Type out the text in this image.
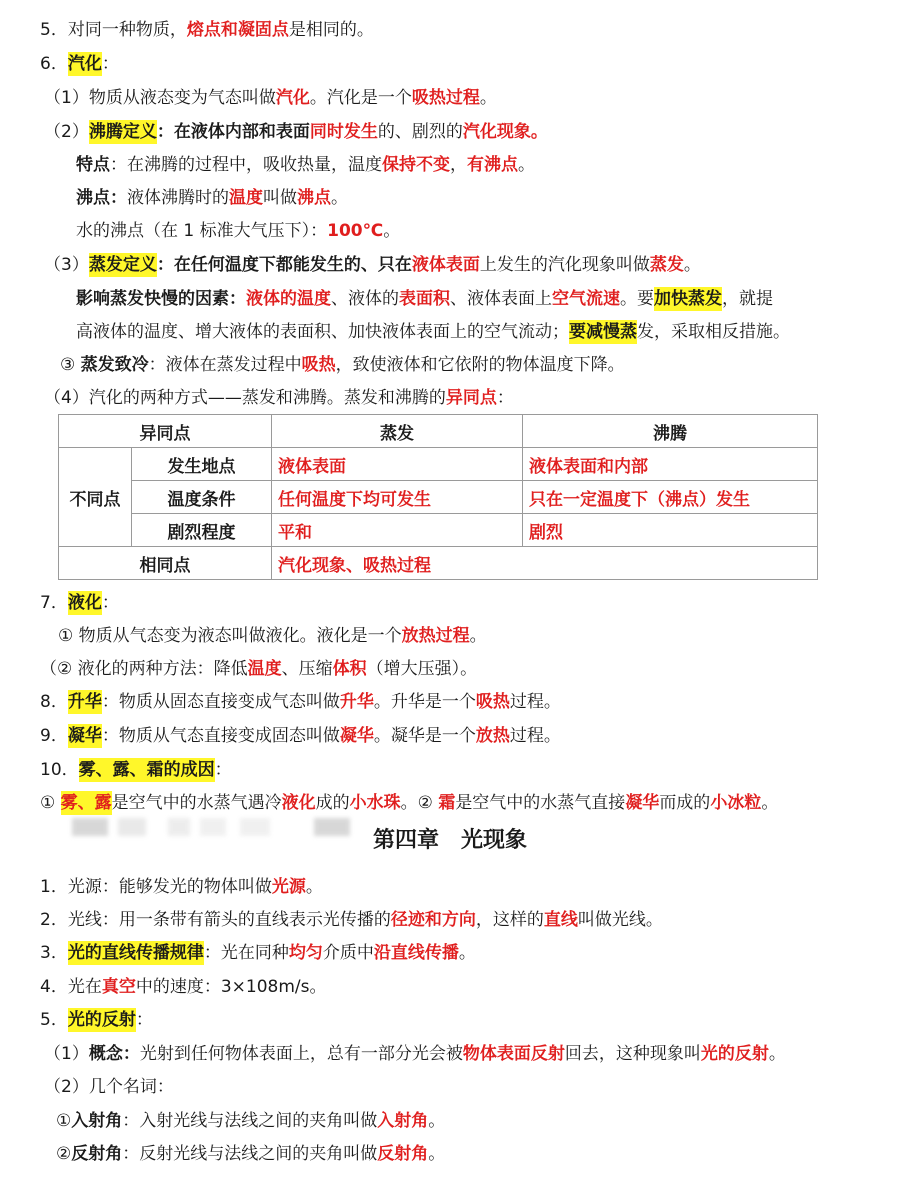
5．对同一种物质，熔点和凝固点是相同的。
6．汽化：
（1）物质从液态变为气态叫做汽化。汽化是一个吸热过程。
（2）沸腾定义：在液体内部和表面同时发生的、剧烈的汽化现象。
特点：在沸腾的过程中，吸收热量，温度保持不变，有沸点。
沸点：液体沸腾时的温度叫做沸点。
水的沸点（在 1 标准大气压下）：100℃。
（3）蒸发定义：在任何温度下都能发生的、只在液体表面上发生的汽化现象叫做蒸发。
影响蒸发快慢的因素：液体的温度、液体的表面积、液体表面上空气流速。要加快蒸发，就提
高液体的温度、增大液体的表面积、加快液体表面上的空气流动；要减慢蒸发，采取相反措施。
③ 蒸发致冷：液体在蒸发过程中吸热，致使液体和它依附的物体温度下降。
（4）汽化的两种方式——蒸发和沸腾。蒸发和沸腾的异同点：
异同点		蒸发	沸腾
不同点	发生地点	液体表面	液体表面和内部
	温度条件	任何温度下均可发生	只在一定温度下（沸点）发生
	剧烈程度	平和	剧烈
相同点		汽化现象、吸热过程	
7．液化：
① 物质从气态变为液态叫做液化。液化是一个放热过程。
（② 液化的两种方法：降低温度、压缩体积（增大压强）。
8．升华：物质从固态直接变成气态叫做升华。升华是一个吸热过程。
9．凝华：物质从气态直接变成固态叫做凝华。凝华是一个放热过程。
10．雾、露、霜的成因：
① 雾、露是空气中的水蒸气遇冷液化成的小水珠。② 霜是空气中的水蒸气直接凝华而成的小冰粒。
第四章　光现象
1．光源：能够发光的物体叫做光源。
2．光线：用一条带有箭头的直线表示光传播的径迹和方向，这样的直线叫做光线。
3．光的直线传播规律：光在同种均匀介质中沿直线传播。
4．光在真空中的速度：3×108m/s。
5．光的反射：
（1）概念：光射到任何物体表面上，总有一部分光会被物体表面反射回去，这种现象叫光的反射。
（2）几个名词：
①入射角：入射光线与法线之间的夹角叫做入射角。
②反射角：反射光线与法线之间的夹角叫做反射角。
